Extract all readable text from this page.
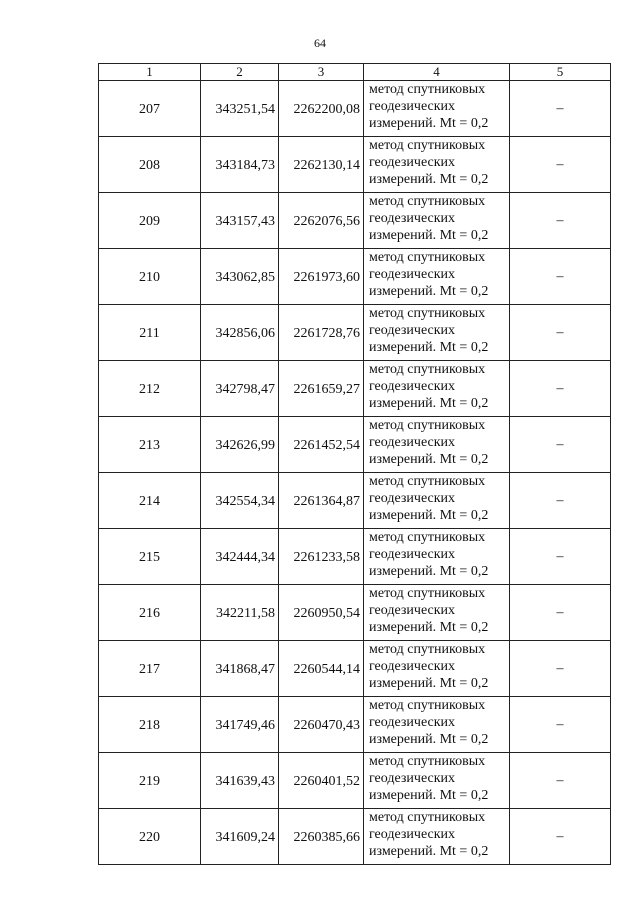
64
1	2	3	4	5
207	343251,54	2262200,08	метод спутниковых
геодезических
измерений. Mt = 0,2	–
208	343184,73	2262130,14	метод спутниковых
геодезических
измерений. Mt = 0,2	–
209	343157,43	2262076,56	метод спутниковых
геодезических
измерений. Mt = 0,2	–
210	343062,85	2261973,60	метод спутниковых
геодезических
измерений. Mt = 0,2	–
211	342856,06	2261728,76	метод спутниковых
геодезических
измерений. Mt = 0,2	–
212	342798,47	2261659,27	метод спутниковых
геодезических
измерений. Mt = 0,2	–
213	342626,99	2261452,54	метод спутниковых
геодезических
измерений. Mt = 0,2	–
214	342554,34	2261364,87	метод спутниковых
геодезических
измерений. Mt = 0,2	–
215	342444,34	2261233,58	метод спутниковых
геодезических
измерений. Mt = 0,2	–
216	342211,58	2260950,54	метод спутниковых
геодезических
измерений. Mt = 0,2	–
217	341868,47	2260544,14	метод спутниковых
геодезических
измерений. Mt = 0,2	–
218	341749,46	2260470,43	метод спутниковых
геодезических
измерений. Mt = 0,2	–
219	341639,43	2260401,52	метод спутниковых
геодезических
измерений. Mt = 0,2	–
220	341609,24	2260385,66	метод спутниковых
геодезических
измерений. Mt = 0,2	–
